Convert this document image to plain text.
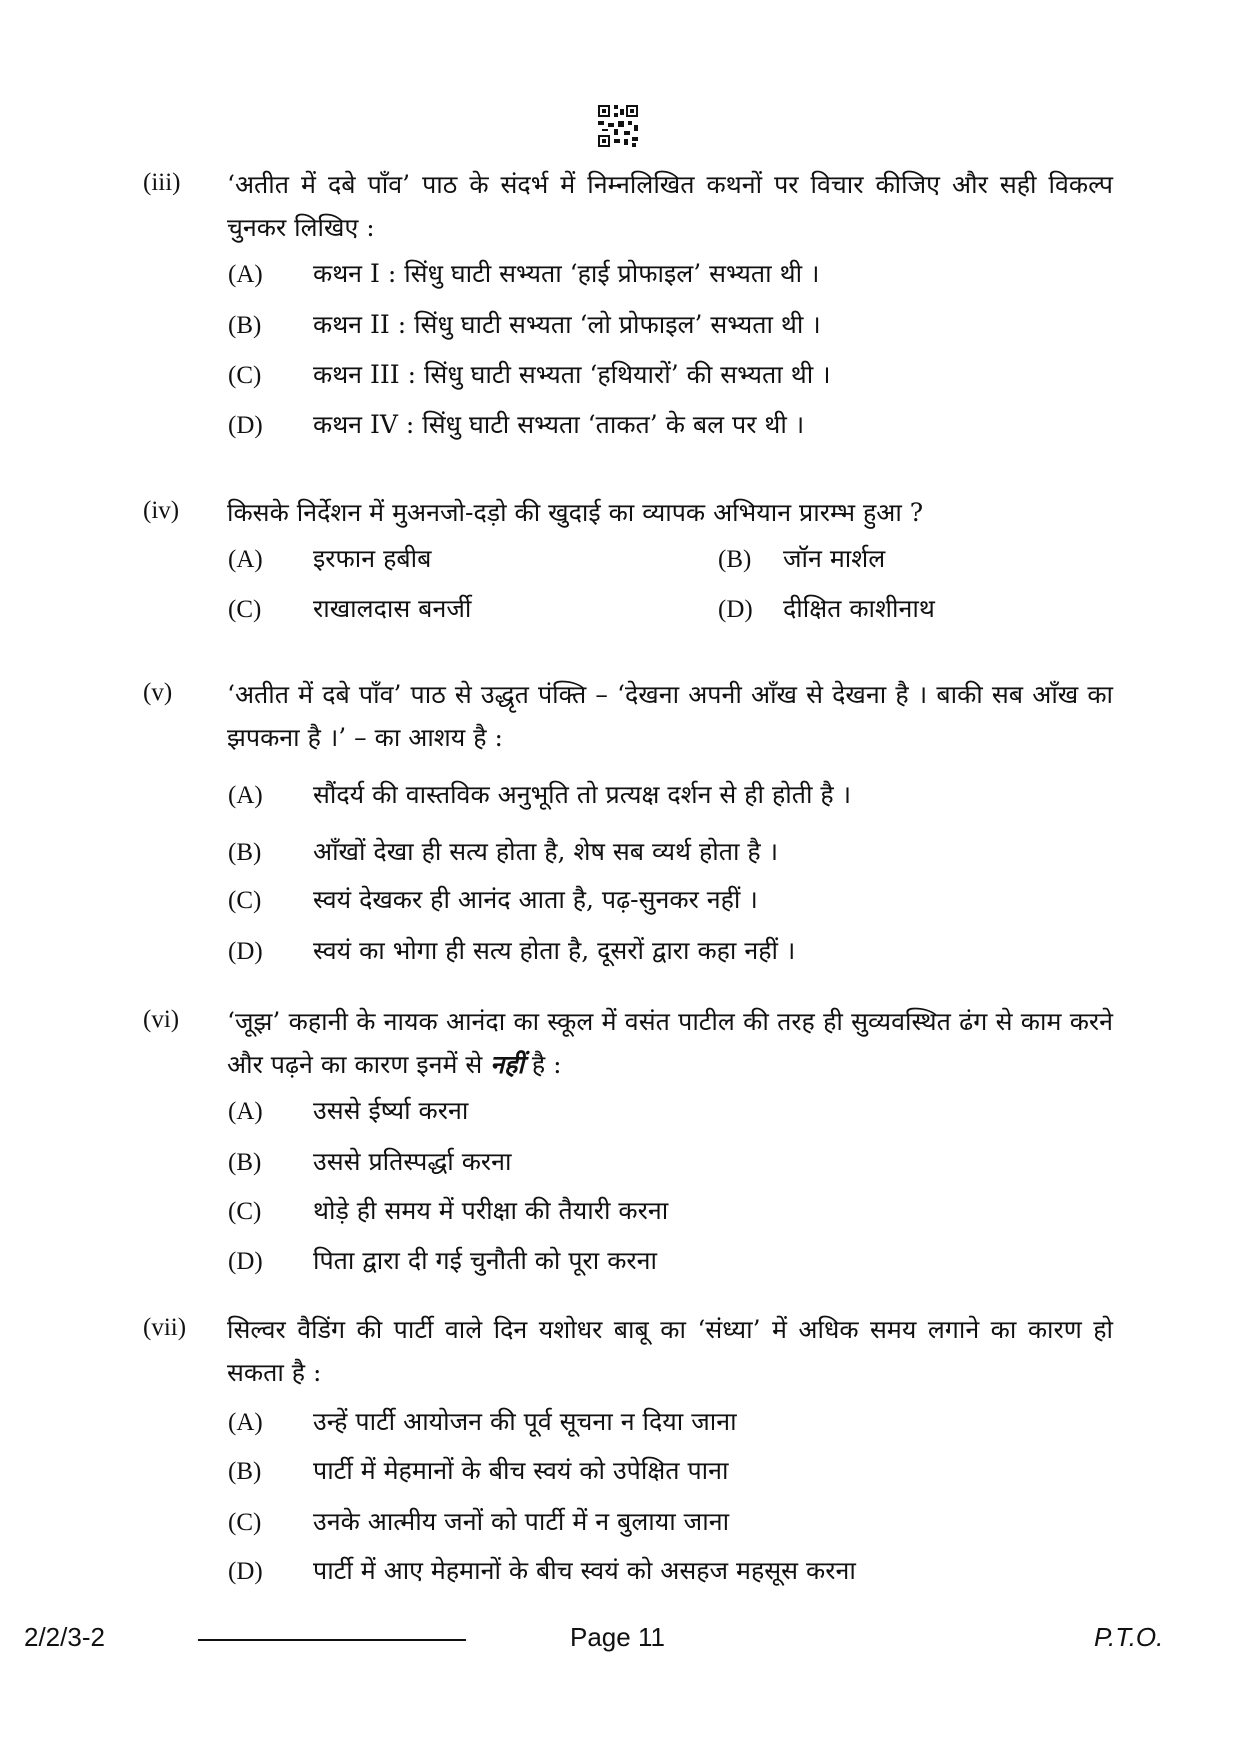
(iii) ‘अतीत में दबे पाँव’ पाठ के संदर्भ में निम्नलिखित कथनों पर विचार कीजिए और सही विकल्प चुनकर लिखिए :
(A) कथन I : सिंधु घाटी सभ्यता ‘हाई प्रोफाइल’ सभ्यता थी ।
(B) कथन II : सिंधु घाटी सभ्यता ‘लो प्रोफाइल’ सभ्यता थी ।
(C) कथन III : सिंधु घाटी सभ्यता ‘हथियारों’ की सभ्यता थी ।
(D) कथन IV : सिंधु घाटी सभ्यता ‘ताकत’ के बल पर थी ।
(iv) किसके निर्देशन में मुअनजो-दड़ो की खुदाई का व्यापक अभियान प्रारम्भ हुआ ?
(A) इरफान हबीब	(B) जॉन मार्शल
(C) राखालदास बनर्जी	(D) दीक्षित काशीनाथ
(v) ‘अतीत में दबे पाँव’ पाठ से उद्धृत पंक्ति – ‘देखना अपनी आँख से देखना है । बाकी सब आँख का झपकना है ।’ – का आशय है :
(A) सौंदर्य की वास्तविक अनुभूति तो प्रत्यक्ष दर्शन से ही होती है ।
(B) आँखों देखा ही सत्य होता है, शेष सब व्यर्थ होता है ।
(C) स्वयं देखकर ही आनंद आता है, पढ़-सुनकर नहीं ।
(D) स्वयं का भोगा ही सत्य होता है, दूसरों द्वारा कहा नहीं ।
(vi) ‘जूझ’ कहानी के नायक आनंदा का स्कूल में वसंत पाटील की तरह ही सुव्यवस्थित ढंग से काम करने और पढ़ने का कारण इनमें से नहीं है :
(A) उससे ईर्ष्या करना
(B) उससे प्रतिस्पर्द्धा करना
(C) थोड़े ही समय में परीक्षा की तैयारी करना
(D) पिता द्वारा दी गई चुनौती को पूरा करना
(vii) सिल्वर वैडिंग की पार्टी वाले दिन यशोधर बाबू का ‘संध्या’ में अधिक समय लगाने का कारण हो सकता है :
(A) उन्हें पार्टी आयोजन की पूर्व सूचना न दिया जाना
(B) पार्टी में मेहमानों के बीच स्वयं को उपेक्षित पाना
(C) उनके आत्मीय जनों को पार्टी में न बुलाया जाना
(D) पार्टी में आए मेहमानों के बीच स्वयं को असहज महसूस करना
2/2/3-2	Page 11	P.T.O.
